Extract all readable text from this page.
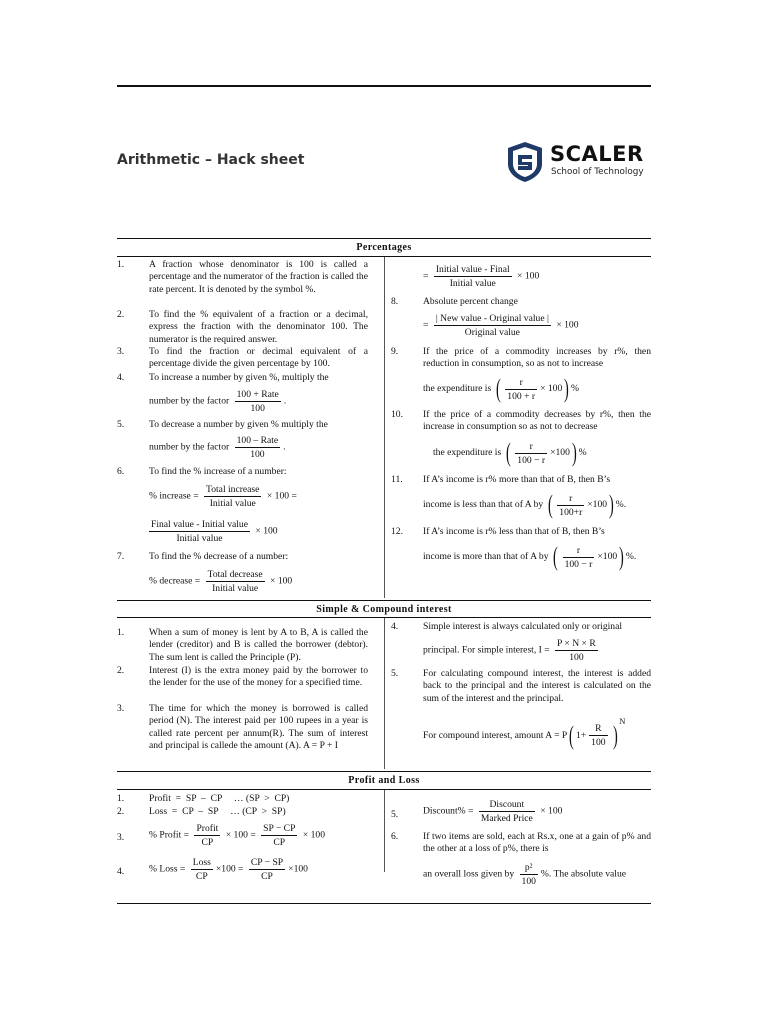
Arithmetic – Hack sheet	SCALER
School of Technology
Percentages
1.	A fraction whose denominator is 100 is called a percentage and the numerator of the fraction is called the rate percent. It is denoted by the symbol %.
2.	To find the % equivalent of a fraction or a decimal, express the fraction with the denominator 100. The numerator is the required answer.
3.	To find the fraction or decimal equivalent of a percentage divide the given percentage by 100.
4.	To increase a number by given %, multiply the
number by the factor $\frac{\text{100 + Rate}}{100}$ .
5.	To decrease a number by given % multiply the
number by the factor $\frac{\text{100 – Rate}}{100}$ .
6.	To find the % increase of a number:
% increase = $\frac{\text{Total increase}}{\text{Initial value}} \times 100$ =
$\frac{\text{Final value - Initial value}}{\text{Initial value}} \times 100$
7.	To find the % decrease of a number:
% decrease = $\frac{\text{Total decrease}}{\text{Initial value}} \times 100$
= $\frac{\text{Initial value - Final}}{\text{Initial value}} \times 100$
8.	Absolute percent change
= $\frac{\text{| New value - Original value |}}{\text{Original value}} \times 100$
9.	If the price of a commodity increases by r%, then reduction in consumption, so as not to increase
the expenditure is ( $\frac{r}{100 + r} \times 100$) %
10. If the price of a commodity decreases by r%, then the increase in consumption so as not to decrease
the expenditure is ( $\frac{r}{100 - r} \times 100$) %
11. If A’s income is r% more than that of B, then B’s
income is less than that of A by ( $\frac{r}{100+r} \times 100$) %.
12. If A’s income is r% less than that of B, then B’s
income is more than that of A by ( $\frac{r}{100 - r} \times 100$) %.
Simple & Compound interest
1.	When a sum of money is lent by A to B, A is called the lender (creditor) and B is called the borrower (debtor). The sum lent is called the Principle (P).
2.	Interest (I) is the extra money paid by the borrower to the lender for the use of the money for a specified time.
3.	The time for which the money is borrowed is called period (N). The interest paid per 100 rupees in a year is called rate percent per annum(R). The sum of interest and principal is callede the amount (A). A = P + I
4.	Simple interest is always calculated only or original
principal. For simple interest, $I = \frac{P \times N \times R}{100}$
5.	For calculating compound interest, the interest is added back to the principal and the interest is calculated on the sum of the interest and the principal.
For compound interest, amount A = P( $1+ \frac{R}{100}$ ) $^N$
Profit and Loss
1.	Profit  =  SP  –  CP     … (SP  >  CP)
2.	Loss  =  CP  –  SP     … (CP  >  SP)
3.	% Profit = $\frac{\text{Profit}}{CP} \times 100 = \frac{SP - CP}{CP} \times 100$
4.	% Loss = $\frac{\text{Loss}}{CP} \times 100 = \frac{CP - SP}{CP} \times 100$
5.	Discount% = $\frac{\text{Discount}}{\text{Marked Price}} \times 100$
6.	If two items are sold, each at Rs.x, one at a gain of p% and the other at a loss of p%, there is
an overall loss given by $\frac{\text{p²}}{100}$ %. The absolute value
